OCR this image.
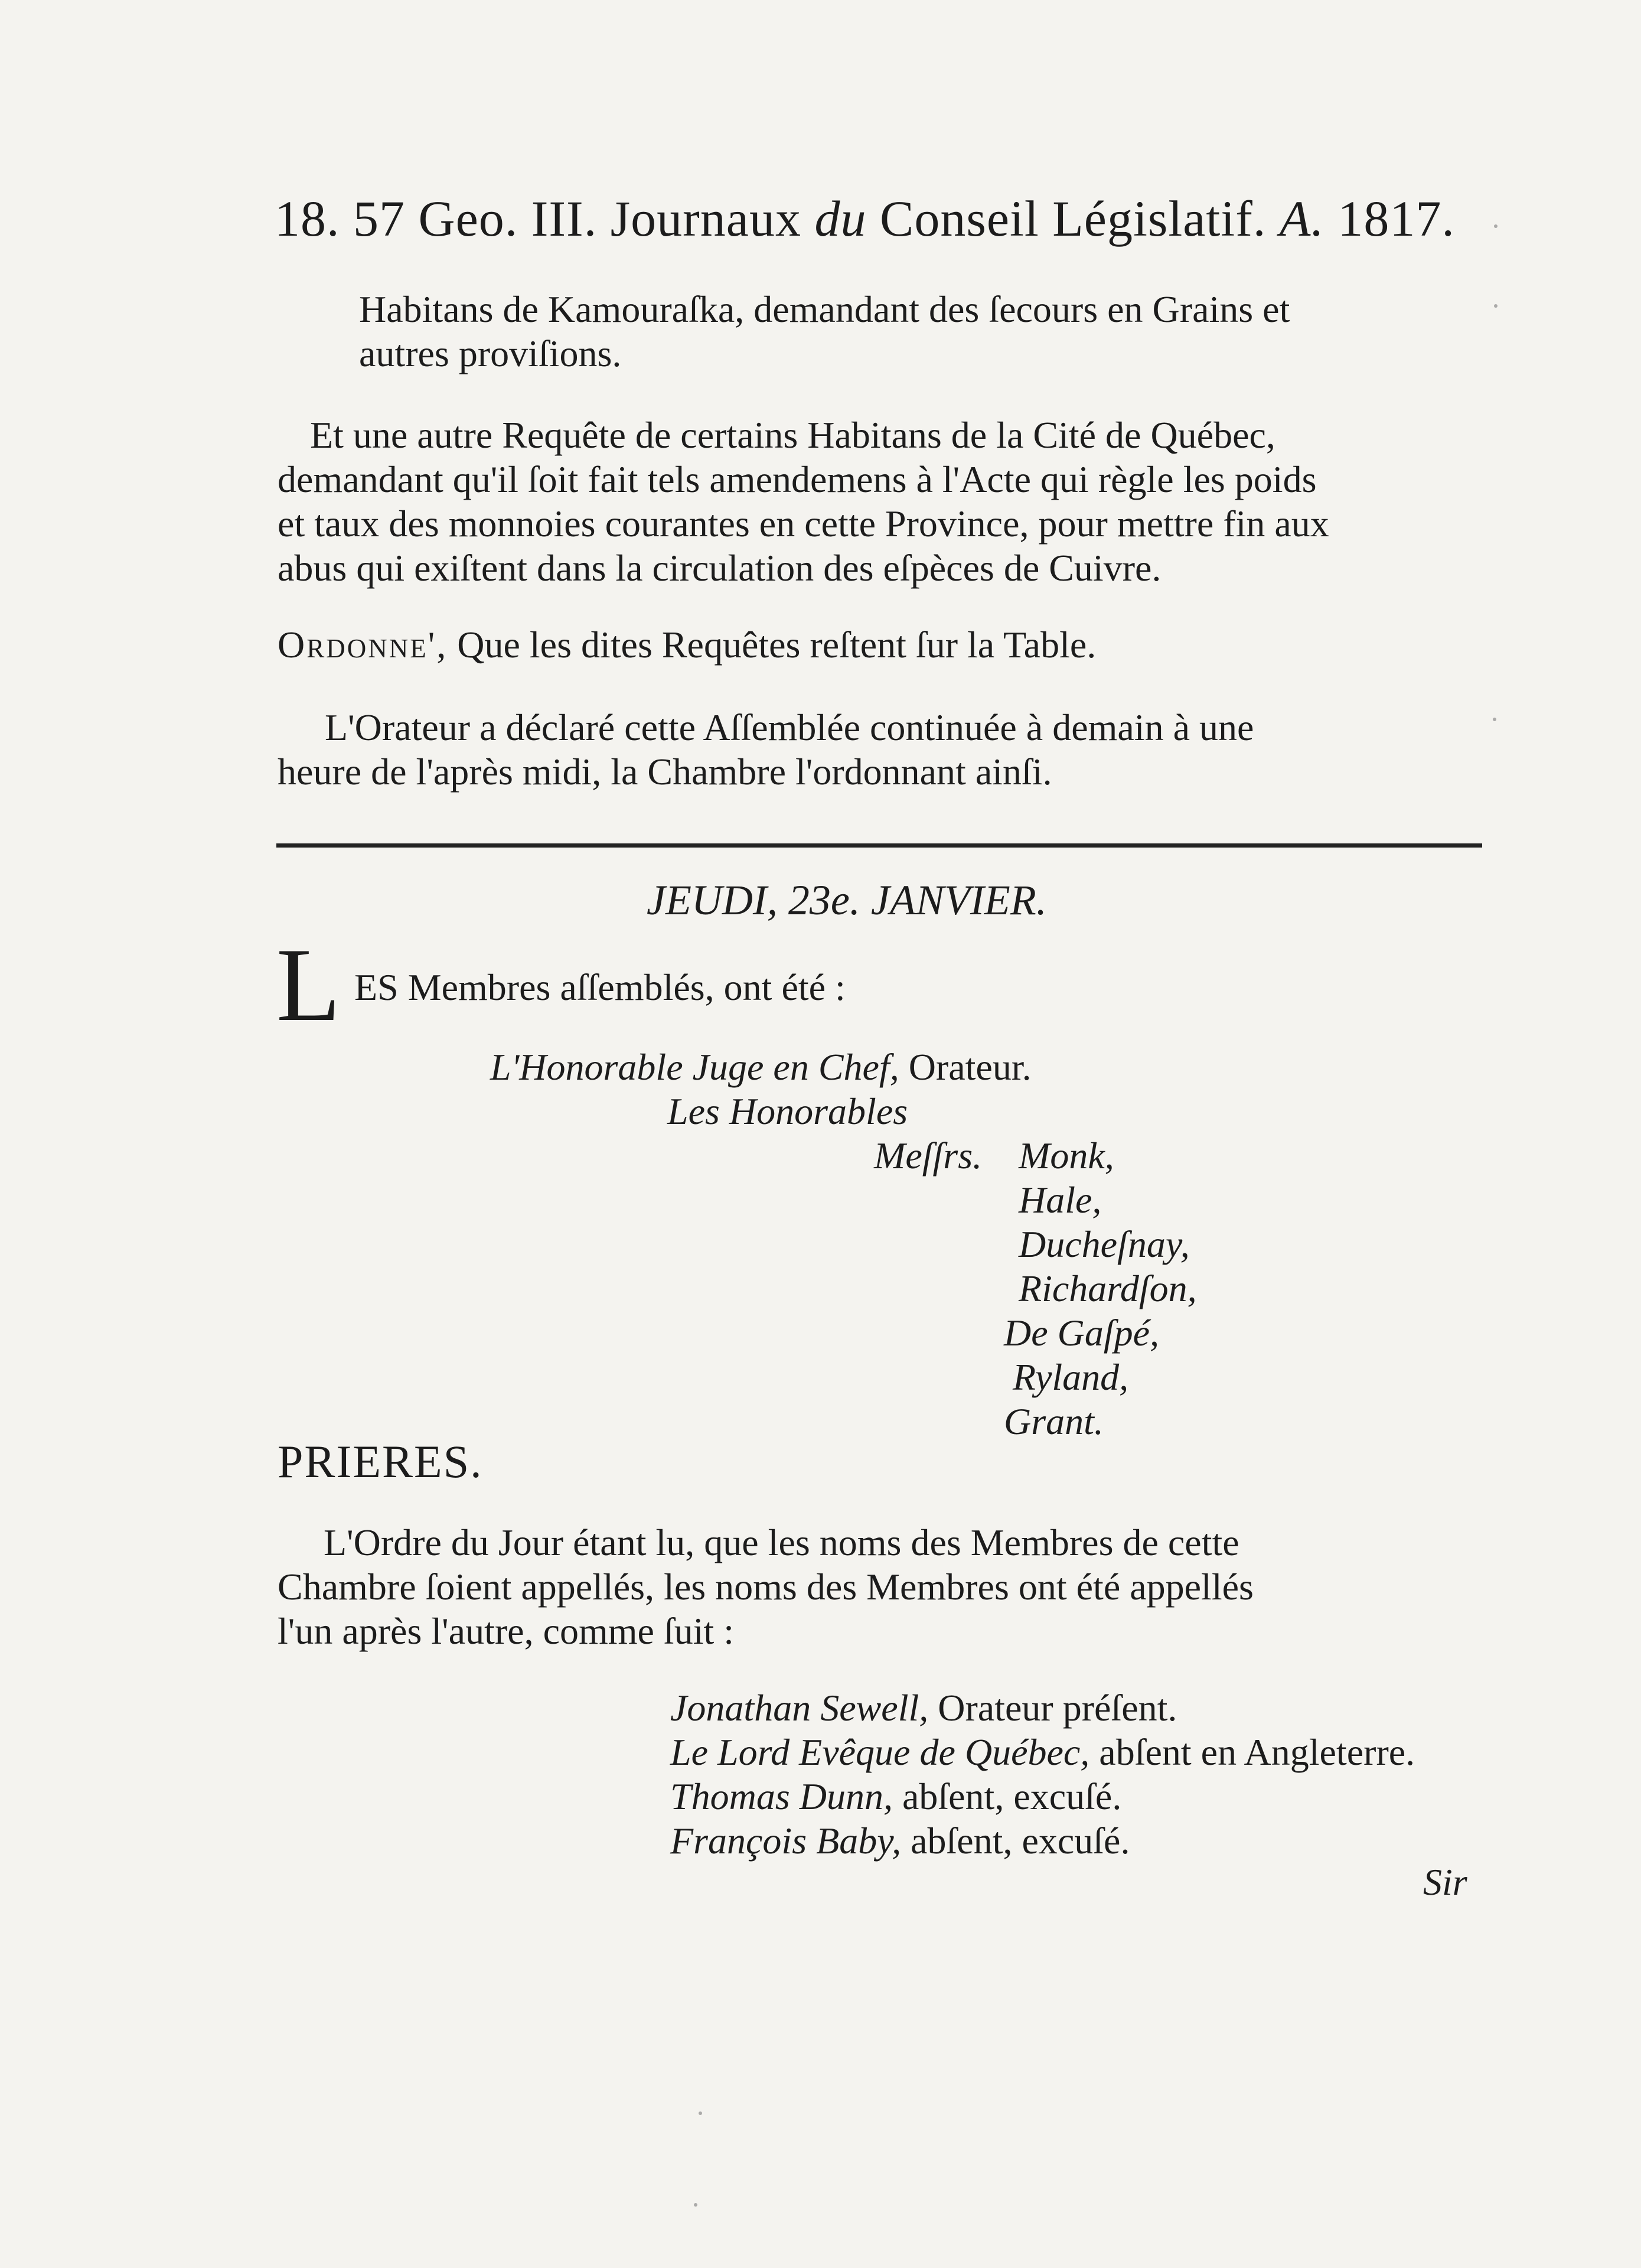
18. 57 Geo. III. Journaux du Conseil Législatif. A. 1817.
Habitans de Kamouraſka, demandant des ſecours en Grains et
autres proviſions.
Et une autre Requête de certains Habitans de la Cité de Québec,
demandant qu'il ſoit fait tels amendemens à l'Acte qui règle les poids
et taux des monnoies courantes en cette Province, pour mettre fin aux
abus qui exiſtent dans la circulation des eſpèces de Cuivre.
Ordonne', Que les dites Requêtes reſtent ſur la Table.
L'Orateur a déclaré cette Aſſemblée continuée à demain à une
heure de l'après midi, la Chambre l'ordonnant ainſi.
JEUDI, 23e. JANVIER.
L ES Membres aſſemblés, ont été :
L'Honorable Juge en Chef, Orateur.
Les Honorables
Meſſrs. Monk,
Hale,
Ducheſnay,
Richardſon,
De Gaſpé,
Ryland,
Grant.
PRIERES.
L'Ordre du Jour étant lu, que les noms des Membres de cette
Chambre ſoient appellés, les noms des Membres ont été appellés
l'un après l'autre, comme ſuit :
Jonathan Sewell, Orateur préſent.
Le Lord Evêque de Québec, abſent en Angleterre.
Thomas Dunn, abſent, excuſé.
François Baby, abſent, excuſé.
Sir
